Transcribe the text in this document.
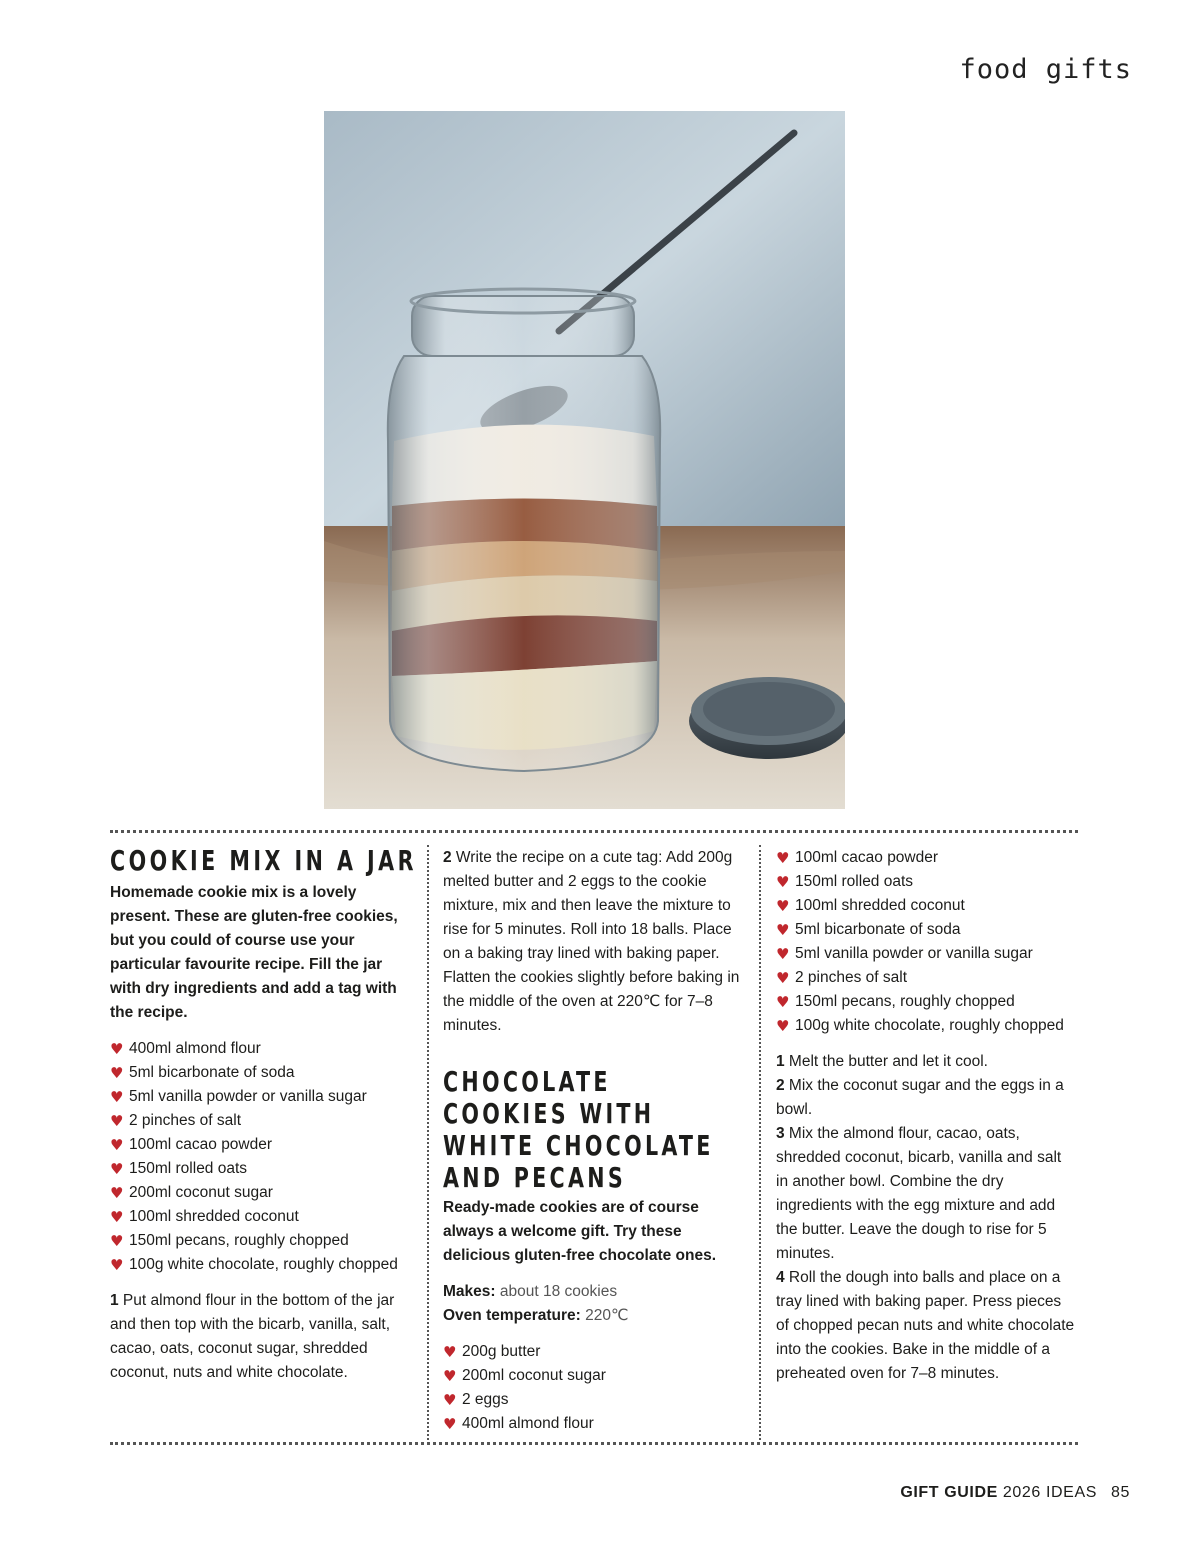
food gifts
COOKIE MIX IN A JAR

Homemade cookie mix is a lovely present. These are gluten-free cookies, but you could of course use your particular favourite recipe. Fill the jar with dry ingredients and add a tag with the recipe.

♥ 400ml almond flour
♥ 5ml bicarbonate of soda
♥ 5ml vanilla powder or vanilla sugar
♥ 2 pinches of salt
♥ 100ml cacao powder
♥ 150ml rolled oats
♥ 200ml coconut sugar
♥ 100ml shredded coconut
♥ 150ml pecans, roughly chopped
♥ 100g white chocolate, roughly chopped

1 Put almond flour in the bottom of the jar and then top with the bicarb, vanilla, salt, cacao, oats, coconut sugar, shredded coconut, nuts and white chocolate.

2 Write the recipe on a cute tag: Add 200g melted butter and 2 eggs to the cookie mixture, mix and then leave the mixture to rise for 5 minutes. Roll into 18 balls. Place on a baking tray lined with baking paper. Flatten the cookies slightly before baking in the middle of the oven at 220℃ for 7–8 minutes.

CHOCOLATE COOKIES WITH WHITE CHOCOLATE AND PECANS

Ready-made cookies are of course always a welcome gift. Try these delicious gluten-free chocolate ones.

Makes: about 18 cookies
Oven temperature: 220℃

♥ 200g butter
♥ 200ml coconut sugar
♥ 2 eggs
♥ 400ml almond flour
♥ 100ml cacao powder
♥ 150ml rolled oats
♥ 100ml shredded coconut
♥ 5ml bicarbonate of soda
♥ 5ml vanilla powder or vanilla sugar
♥ 2 pinches of salt
♥ 150ml pecans, roughly chopped
♥ 100g white chocolate, roughly chopped

1 Melt the butter and let it cool.

2 Mix the coconut sugar and the eggs in a bowl.

3 Mix the almond flour, cacao, oats, shredded coconut, bicarb, vanilla and salt in another bowl. Combine the dry ingredients with the egg mixture and add the butter. Leave the dough to rise for 5 minutes.

4 Roll the dough into balls and place on a tray lined with baking paper. Press pieces of chopped pecan nuts and white chocolate into the cookies. Bake in the middle of a preheated oven for 7–8 minutes.

GIFT GUIDE 2026 IDEAS 85
